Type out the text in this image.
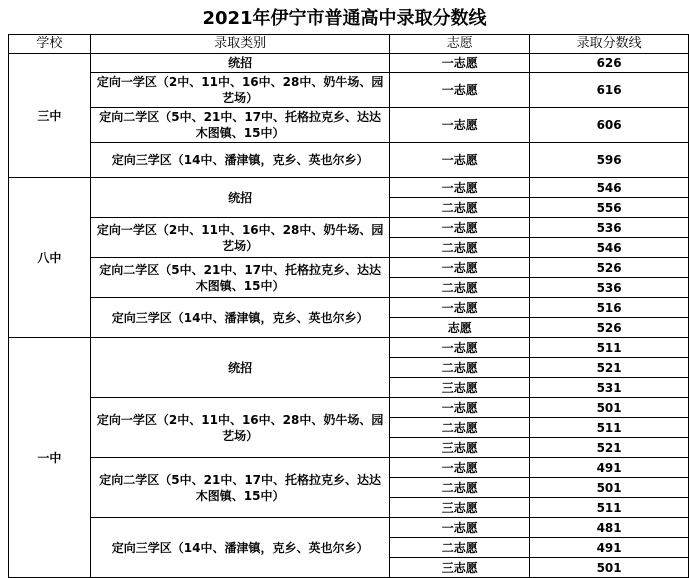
2021年伊宁市普通高中录取分数线
学校	录取类别	志愿	录取分数线
三中	统招	一志愿	626
	定向一学区（2中、11中、16中、28中、奶牛场、园艺场）	一志愿	616
	定向二学区（5中、21中、17中、托格拉克乡、达达木图镇、15中）	一志愿	606
	定向三学区（14中、潘津镇，克乡、英也尔乡）	一志愿	596
八中	统招	一志愿	546
		二志愿	556
	定向一学区（2中、11中、16中、28中、奶牛场、园艺场）	一志愿	536
		二志愿	546
	定向二学区（5中、21中、17中、托格拉克乡、达达木图镇、15中）	一志愿	526
		二志愿	536
	定向三学区（14中、潘津镇，克乡、英也尔乡）	一志愿	516
		志愿	526
一中	统招	一志愿	511
		二志愿	521
		三志愿	531
	定向一学区（2中、11中、16中、28中、奶牛场、园艺场）	一志愿	501
		二志愿	511
		三志愿	521
	定向二学区（5中、21中、17中、托格拉克乡、达达木图镇、15中）	一志愿	491
		二志愿	501
		三志愿	511
	定向三学区（14中、潘津镇，克乡、英也尔乡）	一志愿	481
		二志愿	491
		三志愿	501
